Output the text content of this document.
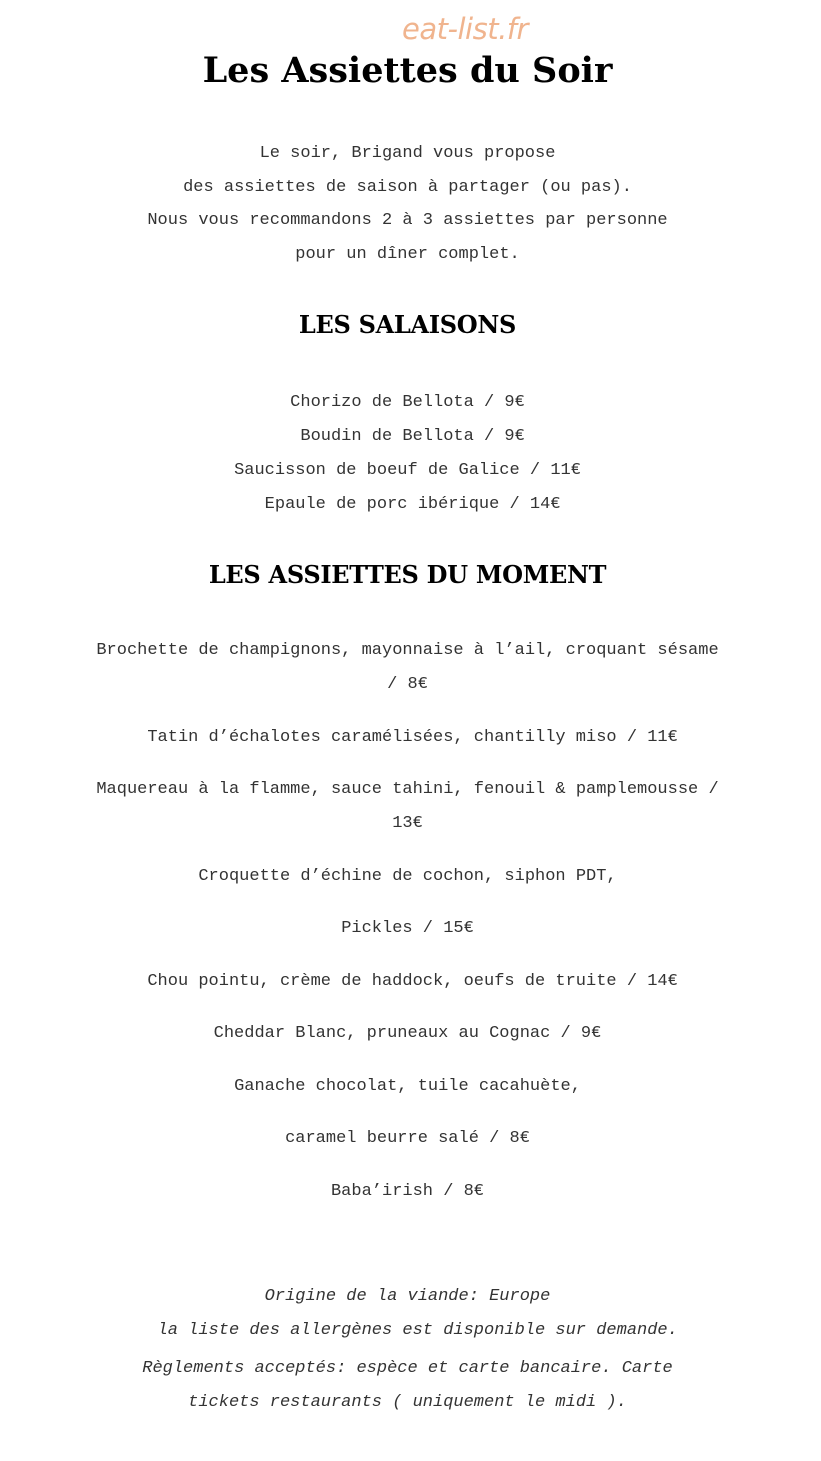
eat-list.fr
Les Assiettes du Soir
Le soir, Brigand vous propose
des assiettes de saison à partager (ou pas).
Nous vous recommandons 2 à 3 assiettes par personne
pour un dîner complet.
LES SALAISONS
Chorizo de Bellota / 9€
Boudin de Bellota / 9€
Saucisson de boeuf de Galice / 11€
Epaule de porc ibérique / 14€
LES ASSIETTES DU MOMENT
Brochette de champignons, mayonnaise à l’ail, croquant sésame / 8€
Tatin d’échalotes caramélisées, chantilly miso / 11€
Maquereau à la flamme, sauce tahini, fenouil & pamplemousse / 13€
Croquette d’échine de cochon, siphon PDT,
Pickles / 15€
Chou pointu, crème de haddock, oeufs de truite / 14€
Cheddar Blanc, pruneaux au Cognac / 9€
Ganache chocolat, tuile cacahuète,
caramel beurre salé / 8€
Baba’irish / 8€
Origine de la viande: Europe
la liste des allergènes est disponible sur demande.
Règlements acceptés: espèce et carte bancaire. Carte
tickets restaurants ( uniquement le midi ).
